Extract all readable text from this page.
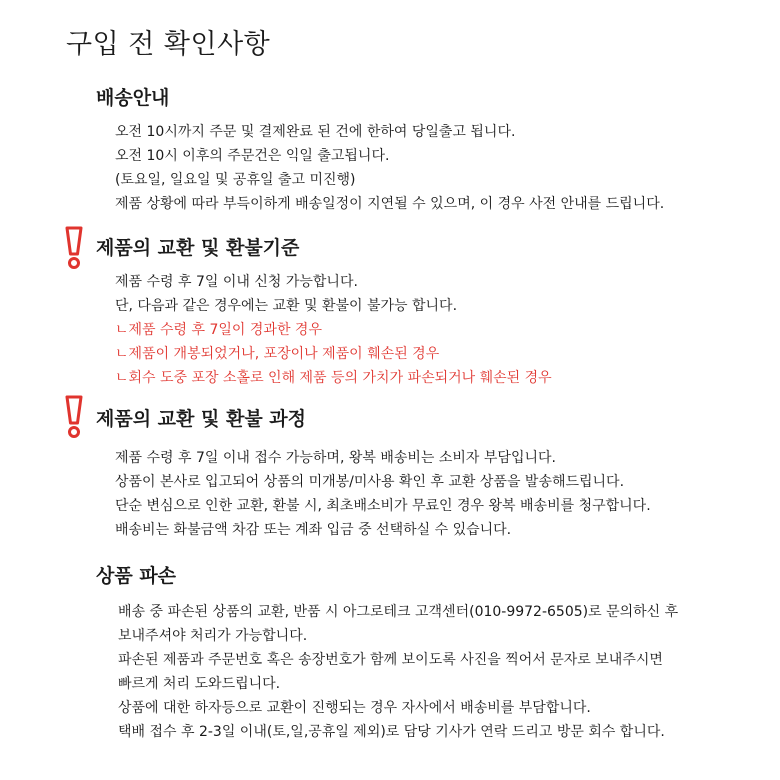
구입 전 확인사항
배송안내
오전 10시까지 주문 및 결제완료 된 건에 한하여 당일출고 됩니다.
오전 10시 이후의 주문건은 익일 출고됩니다.
(토요일, 일요일 및 공휴일 출고 미진행)
제품 상황에 따라 부득이하게 배송일정이 지연될 수 있으며, 이 경우 사전 안내를 드립니다.
제품의 교환 및 환불기준
제품 수령 후 7일 이내 신청 가능합니다.
단, 다음과 같은 경우에는 교환 및 환불이 불가능 합니다.
ㄴ제품 수령 후 7일이 경과한 경우
ㄴ제품이 개봉되었거나, 포장이나 제품이 훼손된 경우
ㄴ회수 도중 포장 소홀로 인해 제품 등의 가치가 파손되거나 훼손된 경우
제품의 교환 및 환불 과정
제품 수령 후 7일 이내 접수 가능하며, 왕복 배송비는 소비자 부담입니다.
상품이 본사로 입고되어 상품의 미개봉/미사용 확인 후 교환 상품을 발송해드립니다.
단순 변심으로 인한 교환, 환불 시, 최초배소비가 무료인 경우 왕복 배송비를 청구합니다.
배송비는 화불금액 차감 또는 계좌 입금 중 선택하실 수 있습니다.
상품 파손
배송 중 파손된 상품의 교환, 반품 시 아그로테크 고객센터(010-9972-6505)로 문의하신 후
보내주셔야 처리가 가능합니다.
파손된 제품과 주문번호 혹은 송장번호가 함께 보이도록 사진을 찍어서 문자로 보내주시면
빠르게 처리 도와드립니다.
상품에 대한 하자등으로 교환이 진행되는 경우 자사에서 배송비를 부담합니다.
택배 접수 후 2-3일 이내(토,일,공휴일 제외)로 담당 기사가 연락 드리고 방문 회수 합니다.
